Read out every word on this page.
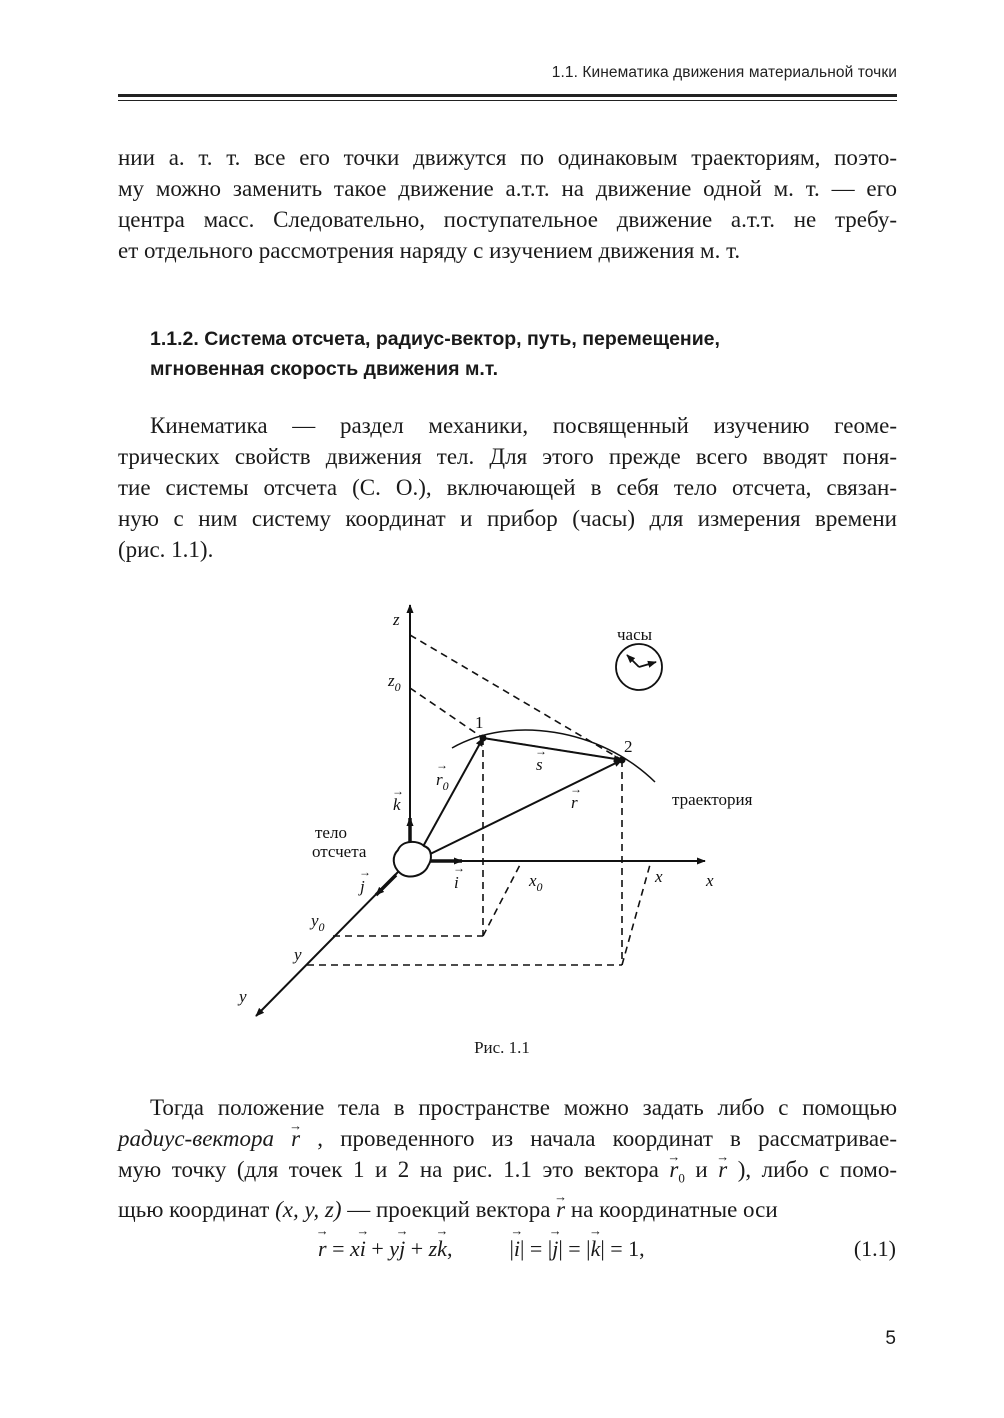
1.1. Кинематика движения материальной точки
нии а. т. т. все его точки движутся по одинаковым траекториям, поэто-
му можно заменить такое движение а.т.т. на движение одной м. т. — его
центра масс. Следовательно, поступательное движение а.т.т. не требу-
ет отдельного рассмотрения наряду с изучением движения м. т.
1.1.2. Система отсчета, радиус-вектор, путь, перемещение,
мгновенная скорость движения м.т.
Кинематика — раздел механики, посвященный изучению геоме-
трических свойств движения тел. Для этого прежде всего вводят поня-
тие системы отсчета (С. О.), включающей в себя тело отсчета, связан-
ную с ним систему координат и прибор (часы) для измерения времени
(рис. 1.1).
z
$z_0$
часы
1
2
$r_0$
→	s
→
r
→
траектория
k
→
тело
отсчета
j
→
i
→
$x_0$
x	x
$y_0$
y
y
Рис. 1.1
Тогда положение тела в пространстве можно задать либо с помощью
радиус-вектора → r , проведенного из начала координат в рассматривае-
мую точку (для точек 1 и 2 на рис. 1.1 это вектора → $r_0$ и → r ), либо с помо-
щью координат (x, y, z) — проекций вектора → r на координатные оси
→ r = x→ i + y→ j + z→ k,	|→ i| = |→ j| = |→ k| = 1,	(1.1)
5
